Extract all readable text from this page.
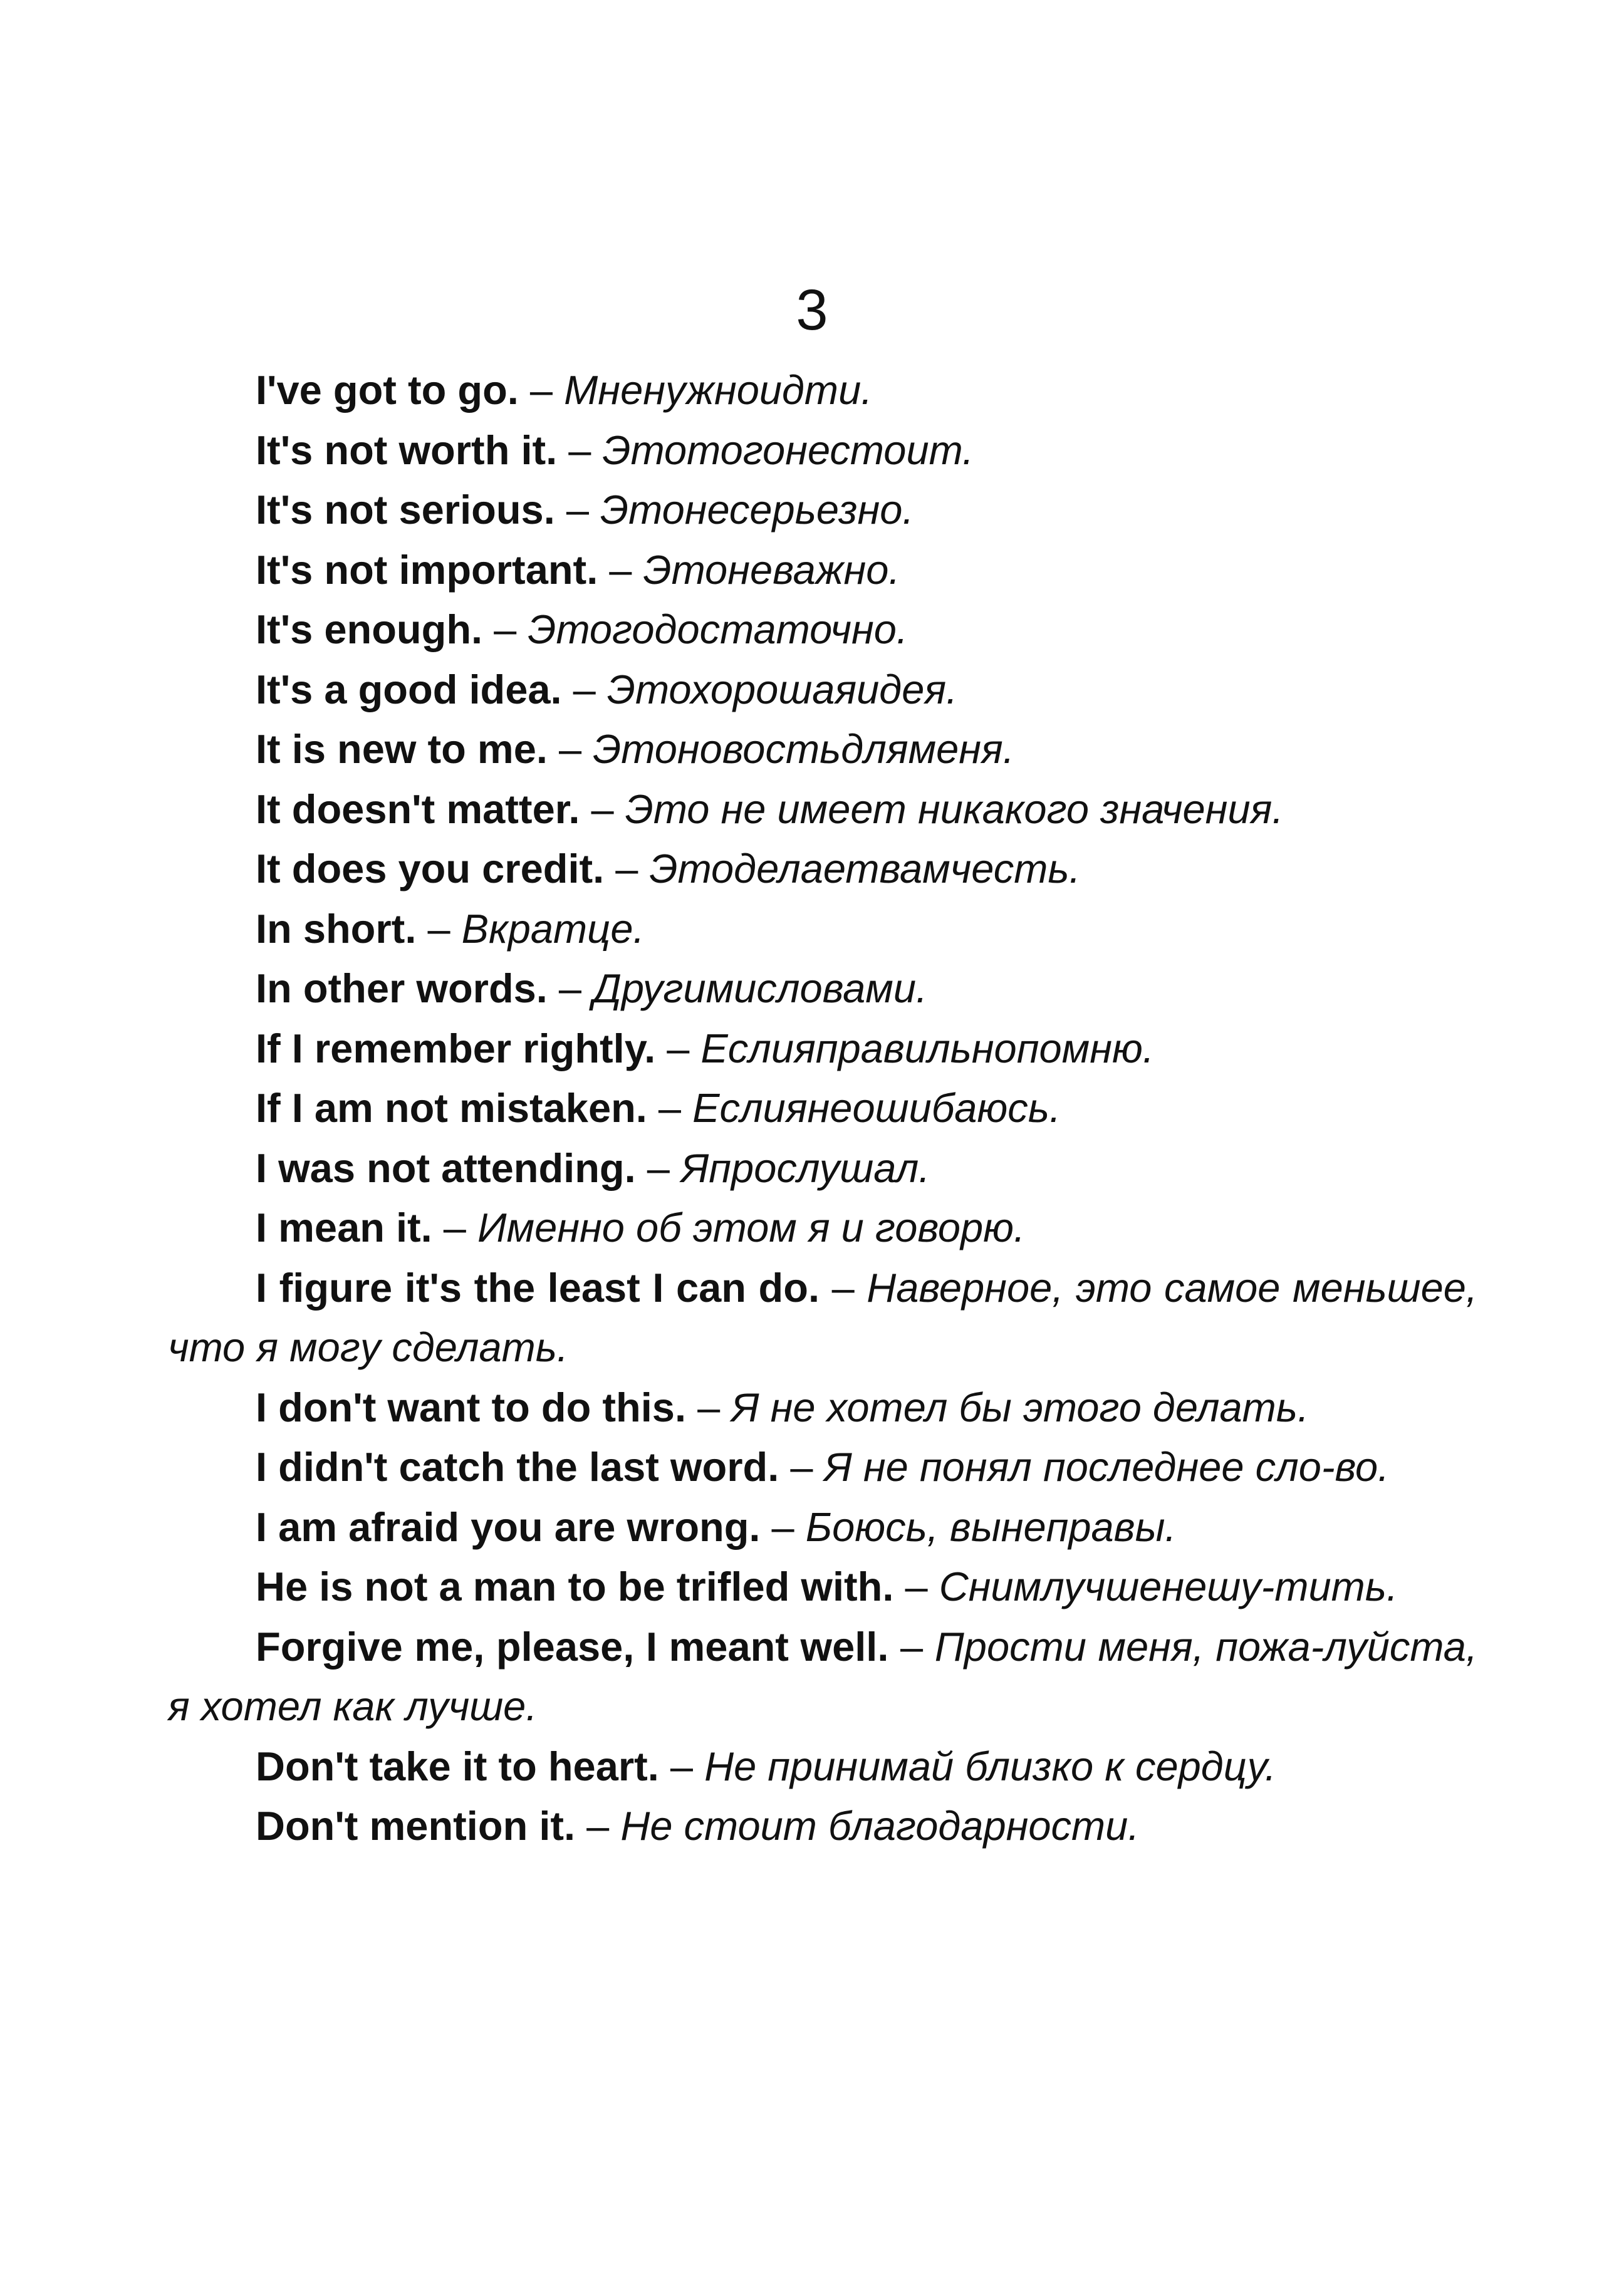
3

I've got to go. – Мненужноидти.

It's not worth it. – Этотогонестоит.

It's not serious. – Этонесерьезно.

It's not important. – Этоневажно.

It's enough. – Этогодостаточно.

It's a good idea. – Этохорошаяидея.

It is new to me. – Этоновостьдляменя.

It doesn't matter. – Это не имеет никакого значения.

It does you credit. – Этоделаетвамчесть.

In short. – Вкратце.

In other words. – Другимисловами.

If I remember rightly. – Еслияправильнопомню.

If I am not mistaken. – Еслиянеошибаюсь.

I was not attending. – Япрослушал.

I mean it. – Именно об этом я и говорю.

I figure it's the least I can do. – Наверное, это самое меньшее, что я могу сделать.

I don't want to do this. – Я не хотел бы этого делать.

I didn't catch the last word. – Я не понял последнее сло-во.

I am afraid you are wrong. – Боюсь, вынеправы.

He is not a man to be trifled with. – Снимлучшенешу-тить.

Forgive me, please, I meant well. – Прости меня, пожа-луйста, я хотел как лучше.

Don't take it to heart. – Не принимай близко к сердцу.

Don't mention it. – Не стоит благодарности.
